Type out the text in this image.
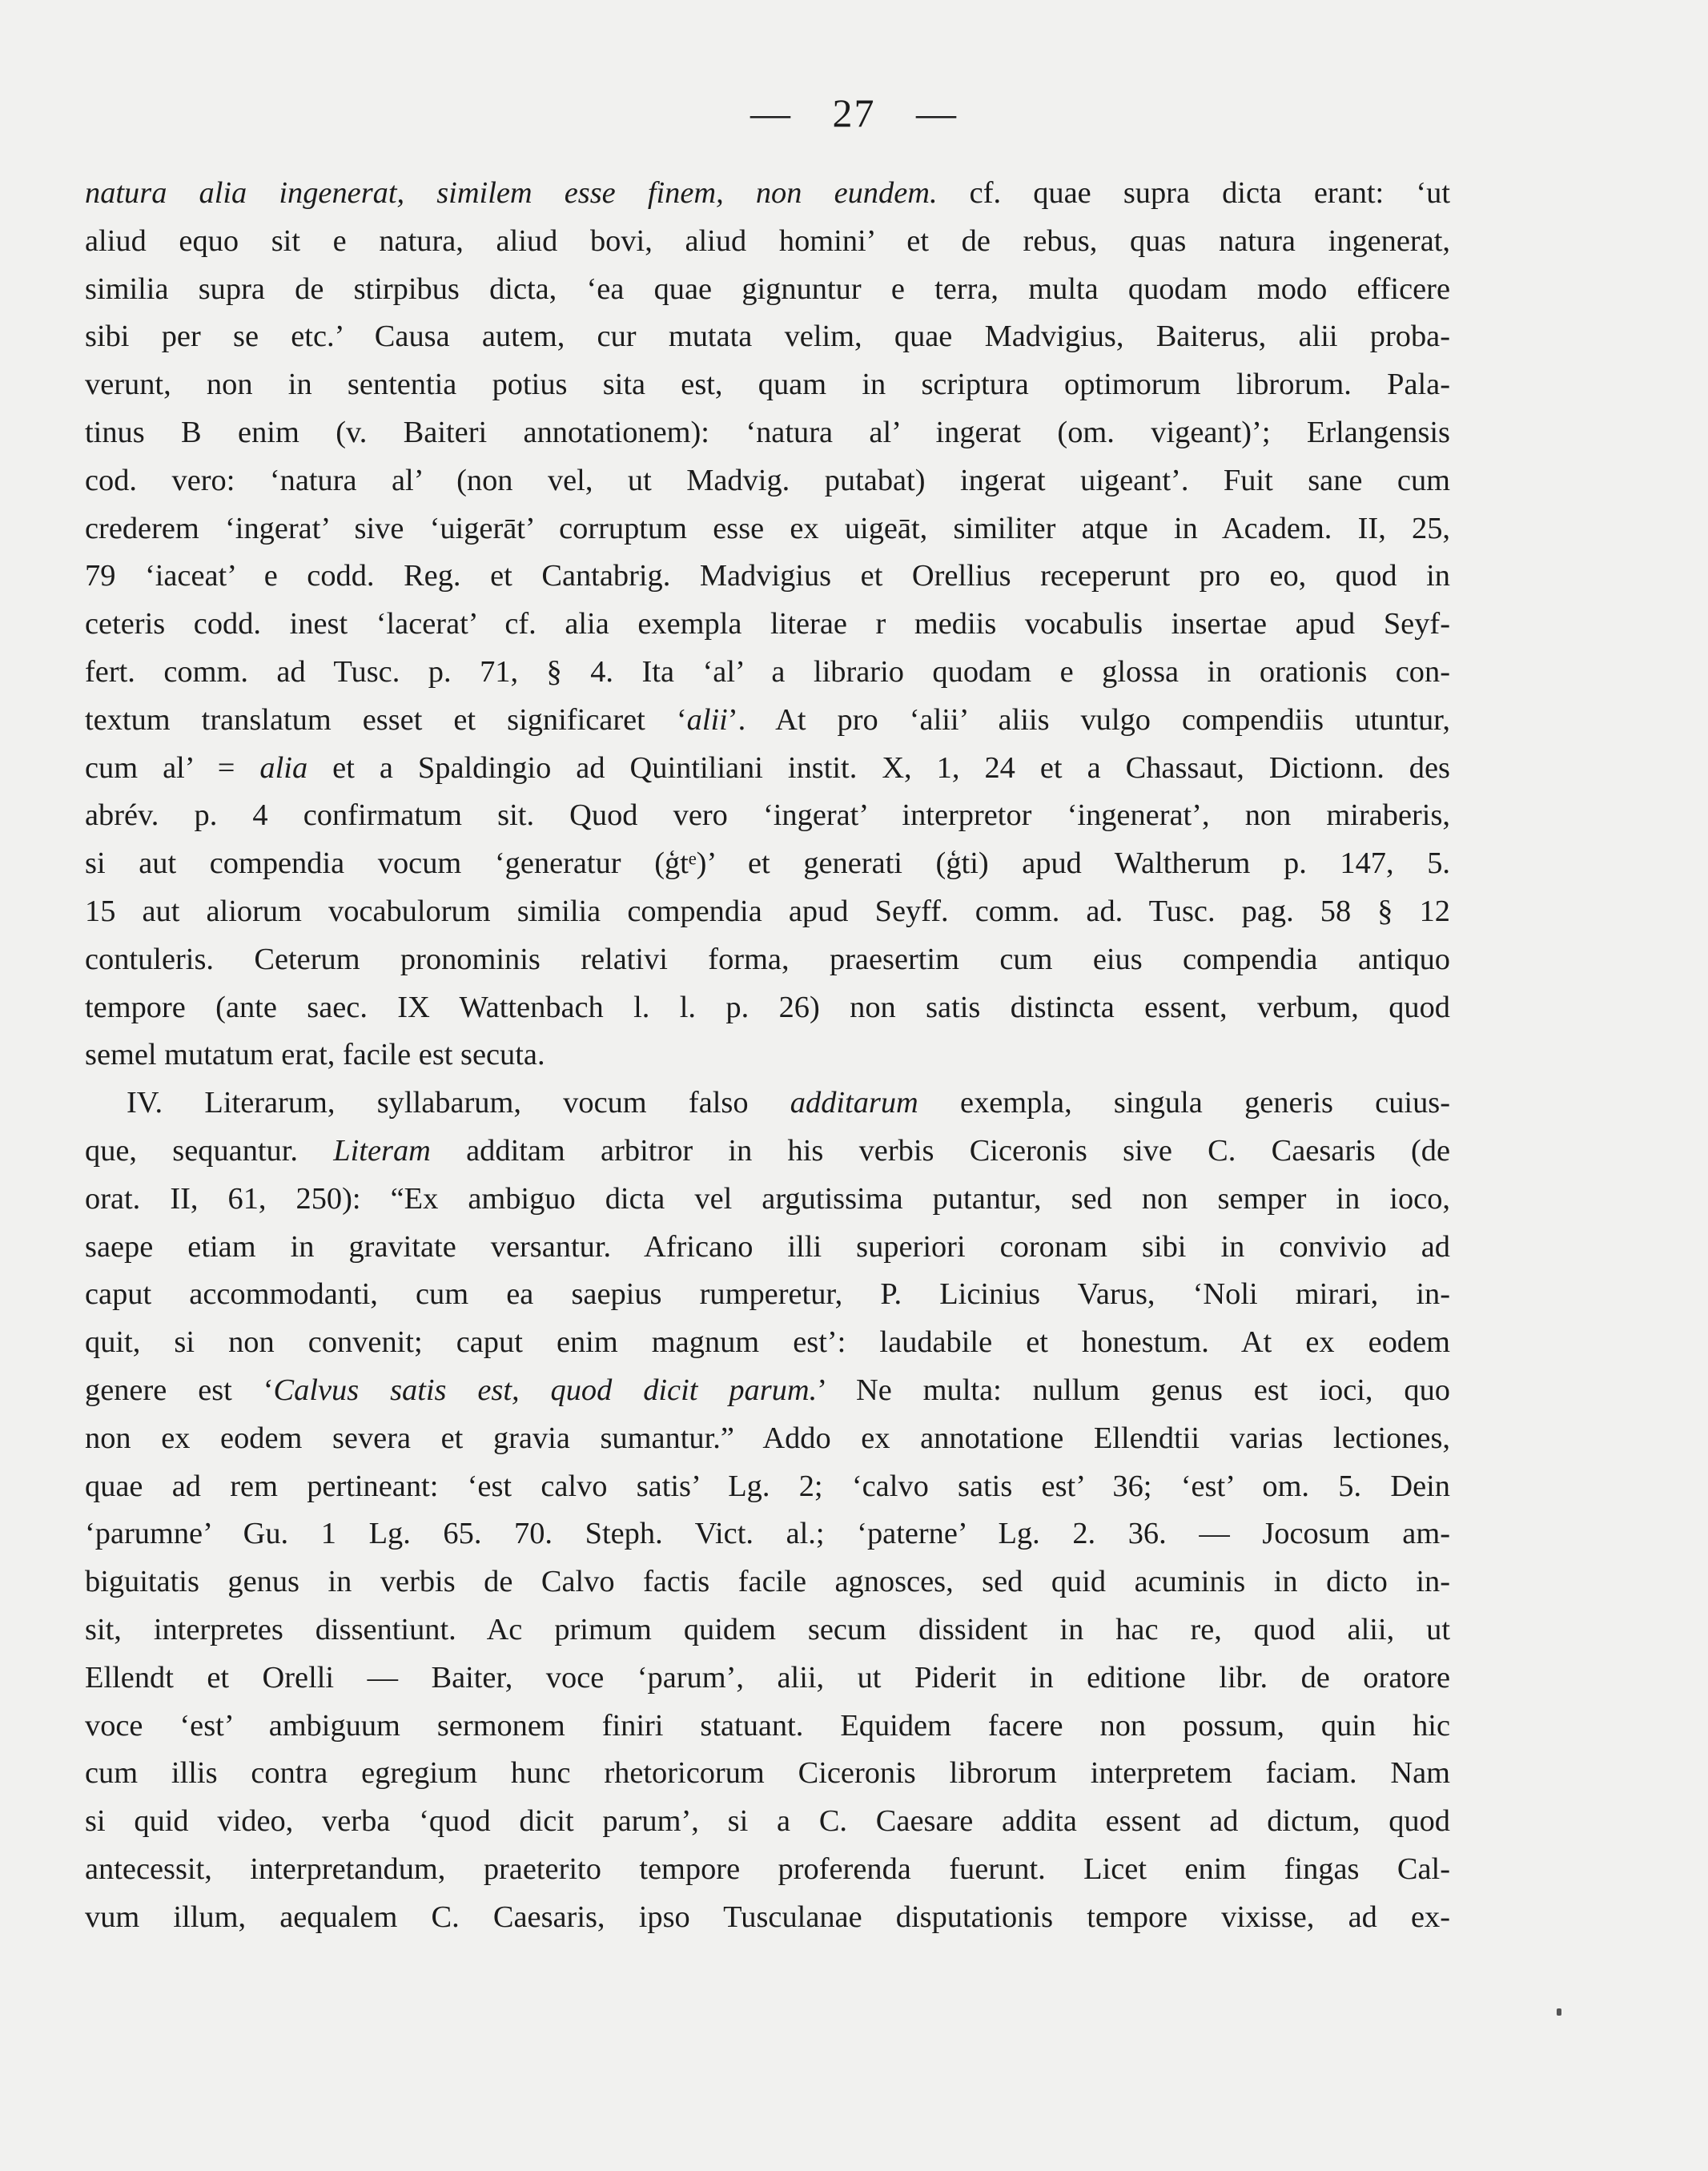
— 27 —
natura alia ingenerat, similem esse finem, non eundem. cf. quae supra dicta erant: ‘ut
aliud equo sit e natura, aliud bovi, aliud homini’ et de rebus, quas natura ingenerat,
similia supra de stirpibus dicta, ‘ea quae gignuntur e terra, multa quodam modo efficere
sibi per se etc.’ Causa autem, cur mutata velim, quae Madvigius, Baiterus, alii proba-
verunt, non in sententia potius sita est, quam in scriptura optimorum librorum. Pala-
tinus B enim (v. Baiteri annotationem): ‘natura al’ ingerat (om. vigeant)’; Erlangensis
cod. vero: ‘natura al’ (non vel, ut Madvig. putabat) ingerat uigeant’. Fuit sane cum
crederem ‘ingerat’ sive ‘uigerāt’ corruptum esse ex uigeāt, similiter atque in Academ. II, 25,
79 ‘iaceat’ e codd. Reg. et Cantabrig. Madvigius et Orellius receperunt pro eo, quod in
ceteris codd. inest ‘lacerat’ cf. alia exempla literae r mediis vocabulis insertae apud Seyf-
fert. comm. ad Tusc. p. 71, § 4. Ita ‘al’ a librario quodam e glossa in orationis con-
textum translatum esset et significaret ‘alii’. At pro ‘alii’ aliis vulgo compendiis utuntur,
cum al’ = alia et a Spaldingio ad Quintiliani instit. X, 1, 24 et a Chassaut, Dictionn. des
abrév. p. 4 confirmatum sit. Quod vero ‘ingerat’ interpretor ‘ingenerat’, non miraberis,
si aut compendia vocum ‘generatur (ģt͏ᵉ)’ et generati (ģti) apud Waltherum p. 147, 5.
15 aut aliorum vocabulorum similia compendia apud Seyff. comm. ad. Tusc. pag. 58 § 12
contuleris. Ceterum pronominis relativi forma, praesertim cum eius compendia antiquo
tempore (ante saec. IX Wattenbach l. l. p. 26) non satis distincta essent, verbum, quod
semel mutatum erat, facile est secuta.
IV. Literarum, syllabarum, vocum falso additarum exempla, singula generis cuius-
que, sequantur. Literam additam arbitror in his verbis Ciceronis sive C. Caesaris (de
orat. II, 61, 250): “Ex ambiguo dicta vel argutissima putantur, sed non semper in ioco,
saepe etiam in gravitate versantur. Africano illi superiori coronam sibi in convivio ad
caput accommodanti, cum ea saepius rumperetur, P. Licinius Varus, ‘Noli mirari, in-
quit, si non convenit; caput enim magnum est’: laudabile et honestum. At ex eodem
genere est ‘Calvus satis est, quod dicit parum.’ Ne multa: nullum genus est ioci, quo
non ex eodem severa et gravia sumantur.” Addo ex annotatione Ellendtii varias lectiones,
quae ad rem pertineant: ‘est calvo satis’ Lg. 2; ‘calvo satis est’ 36; ‘est’ om. 5. Dein
‘parumne’ Gu. 1 Lg. 65. 70. Steph. Vict. al.; ‘paterne’ Lg. 2. 36. — Jocosum am-
biguitatis genus in verbis de Calvo factis facile agnosces, sed quid acuminis in dicto in-
sit, interpretes dissentiunt. Ac primum quidem secum dissident in hac re, quod alii, ut
Ellendt et Orelli — Baiter, voce ‘parum’, alii, ut Piderit in editione libr. de oratore
voce ‘est’ ambiguum sermonem finiri statuant. Equidem facere non possum, quin hic
cum illis contra egregium hunc rhetoricorum Ciceronis librorum interpretem faciam. Nam
si quid video, verba ‘quod dicit parum’, si a C. Caesare addita essent ad dictum, quod
antecessit, interpretandum, praeterito tempore proferenda fuerunt. Licet enim fingas Cal-
vum illum, aequalem C. Caesaris, ipso Tusculanae disputationis tempore vixisse, ad ex-
